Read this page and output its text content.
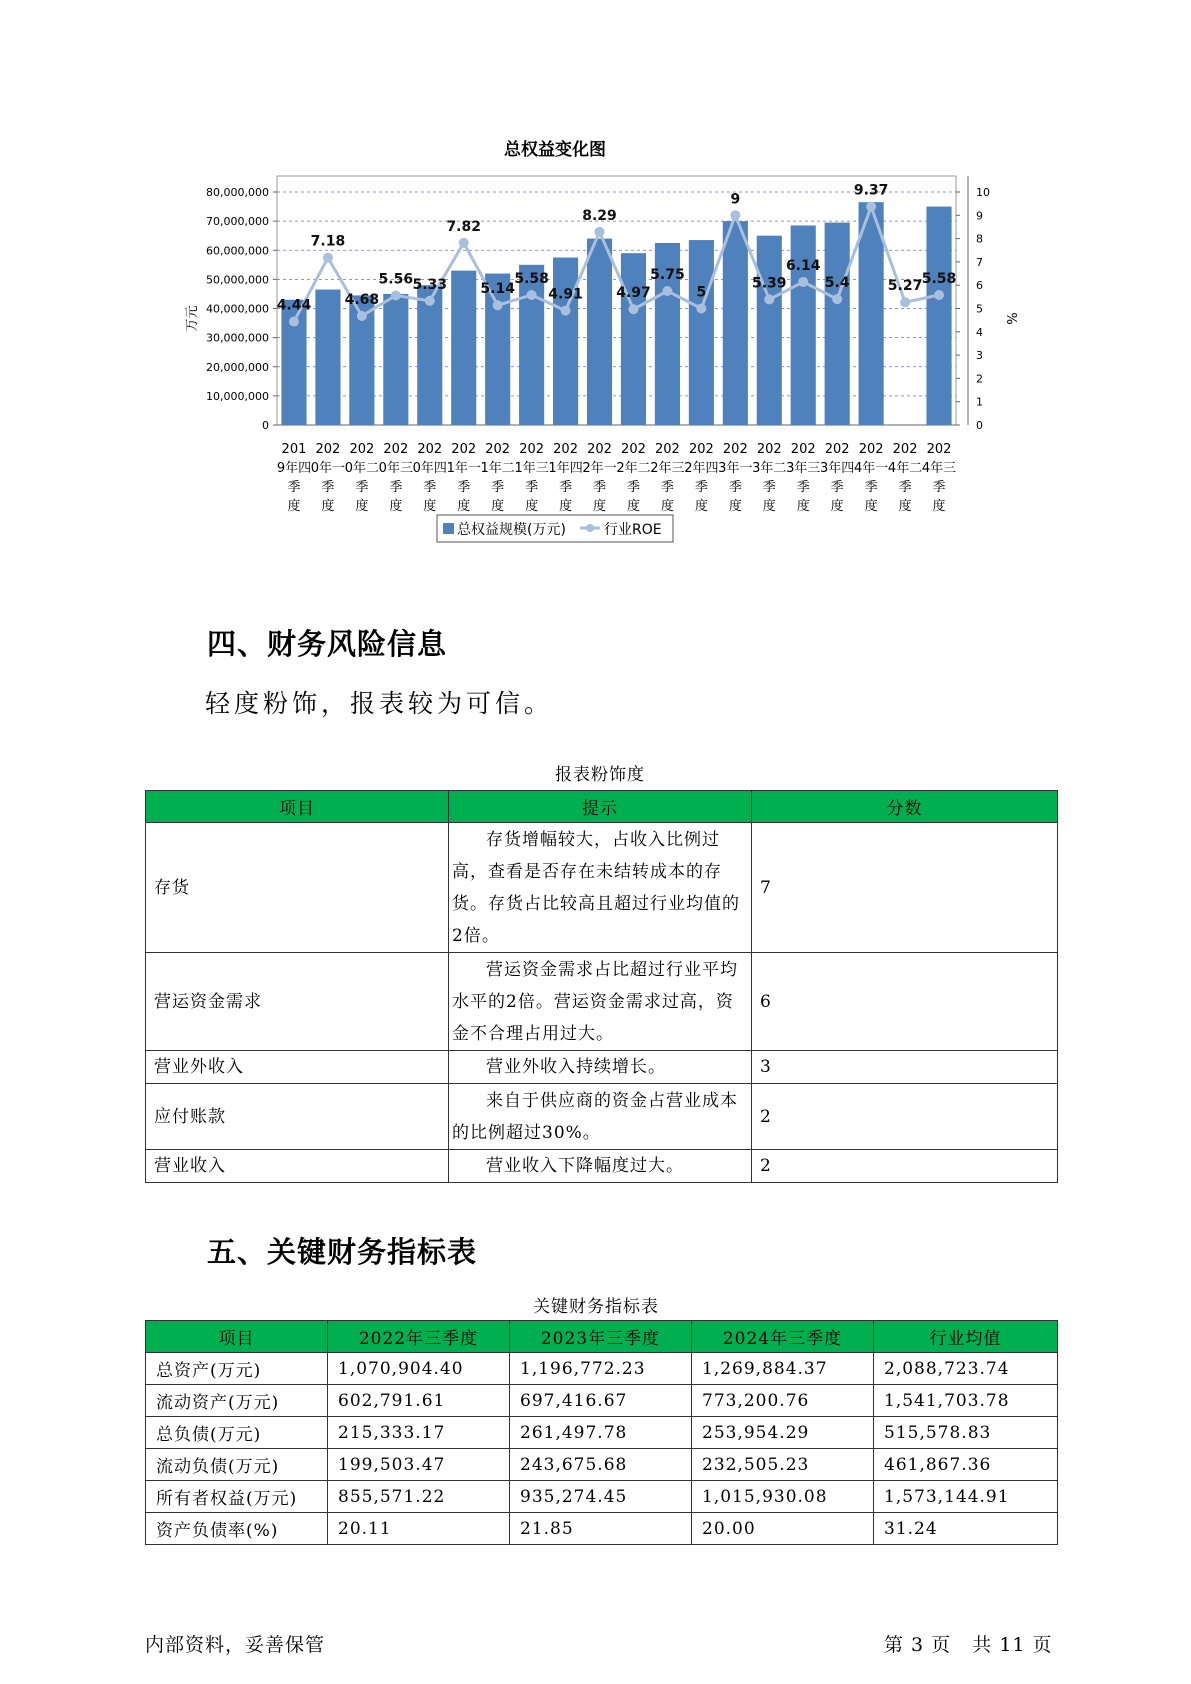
总权益变化图
0
10,000,000
20,000,000
30,000,000
40,000,000
50,000,000
60,000,000
70,000,000
80,000,000
0
1
2
3
4
5
6
7
8
9
10
万元	%
4.44
7.18
4.68
5.56 5.33
7.82
5.14
5.58
4.91
8.29
4.97
5.75
5
9
5.39
6.14
5.4
9.37
5.27 5.58
201 9年四季度
202 0年一季度
202 0年二季度
202 0年三季度
202 0年四季度
202 1年一季度
202 1年二季度
202 1年三季度
202 1年四季度
202 2年一季度
202 2年二季度
202 2年三季度
202 2年四季度
202 3年一季度
202 3年二季度
202 3年三季度
202 3年四季度
202 4年一季度
202 4年二季度
202 4年三季度
总权益规模(万元)	行业ROE
四、财务风险信息
轻度粉饰，报表较为可信。
报表粉饰度
项目	提示	分数
存货	存货增幅较大，占收入比例过高，查看是否存在未结转成本的存货。存货占比较高且超过行业均值的2倍。	7
营运资金需求	营运资金需求占比超过行业平均水平的2倍。营运资金需求过高，资金不合理占用过大。	6
营业外收入	营业外收入持续增长。	3
应付账款	来自于供应商的资金占营业成本的比例超过30%。	2
营业收入	营业收入下降幅度过大。	2
五、关键财务指标表
关键财务指标表
项目	2022年三季度	2023年三季度	2024年三季度	行业均值
总资产(万元)	1,070,904.40	1,196,772.23	1,269,884.37	2,088,723.74
流动资产(万元)	602,791.61	697,416.67	773,200.76	1,541,703.78
总负债(万元)	215,333.17	261,497.78	253,954.29	515,578.83
流动负债(万元)	199,503.47	243,675.68	232,505.23	461,867.36
所有者权益(万元)	855,571.22	935,274.45	1,015,930.08	1,573,144.91
资产负债率(%)	20.11	21.85	20.00	31.24
内部资料，妥善保管	第 3 页   共 11 页
